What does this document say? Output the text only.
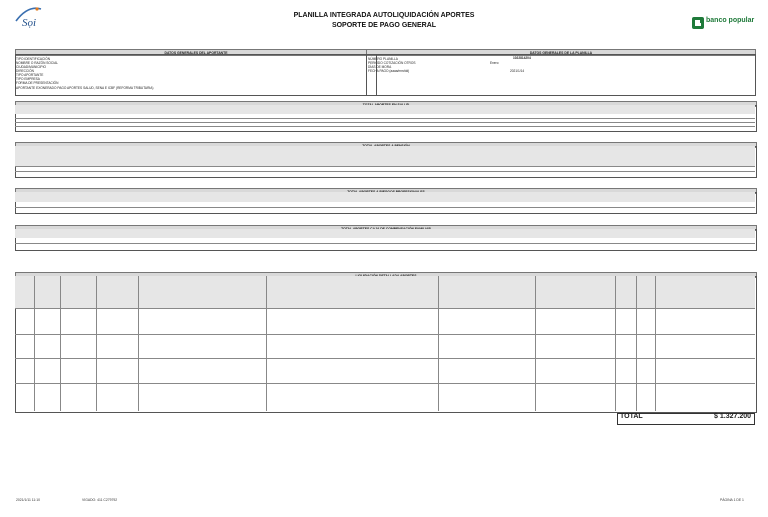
Sọi
PLANILLA INTEGRADA AUTOLIQUIDACIÓN APORTES
SOPORTE DE PAGO GENERAL
banco popular
DATOS GENERALES DEL APORTANTE	DATOS GENERALES DE LA PLANILLA
TIPO IDENTIFICACIÓN
NOMBRE O RAZÓN SOCIAL
CIUDAD/MUNICIPIO
DIRECCIÓN
TIPO APORTANTE
TIPO EMPRESA
FORMA DE PRESENTACIÓN
APORTANTE EXONERADO PAGO APORTES SALUD, SENA E ICBF (REFORMA TRIBUTARIA)
NÚMERO PLANILLA	1022814204
PERIODO COTIZACIÓN OTROS	Enero
DÍAS DE MORA
FECHA PAGO (aaaa/mm/dd)	2021/1/14
TOTAL	$ 1.327.200
2021/1/11 11:10	VIGADO: 411 C279792	PÁGINA 1 DE 1
